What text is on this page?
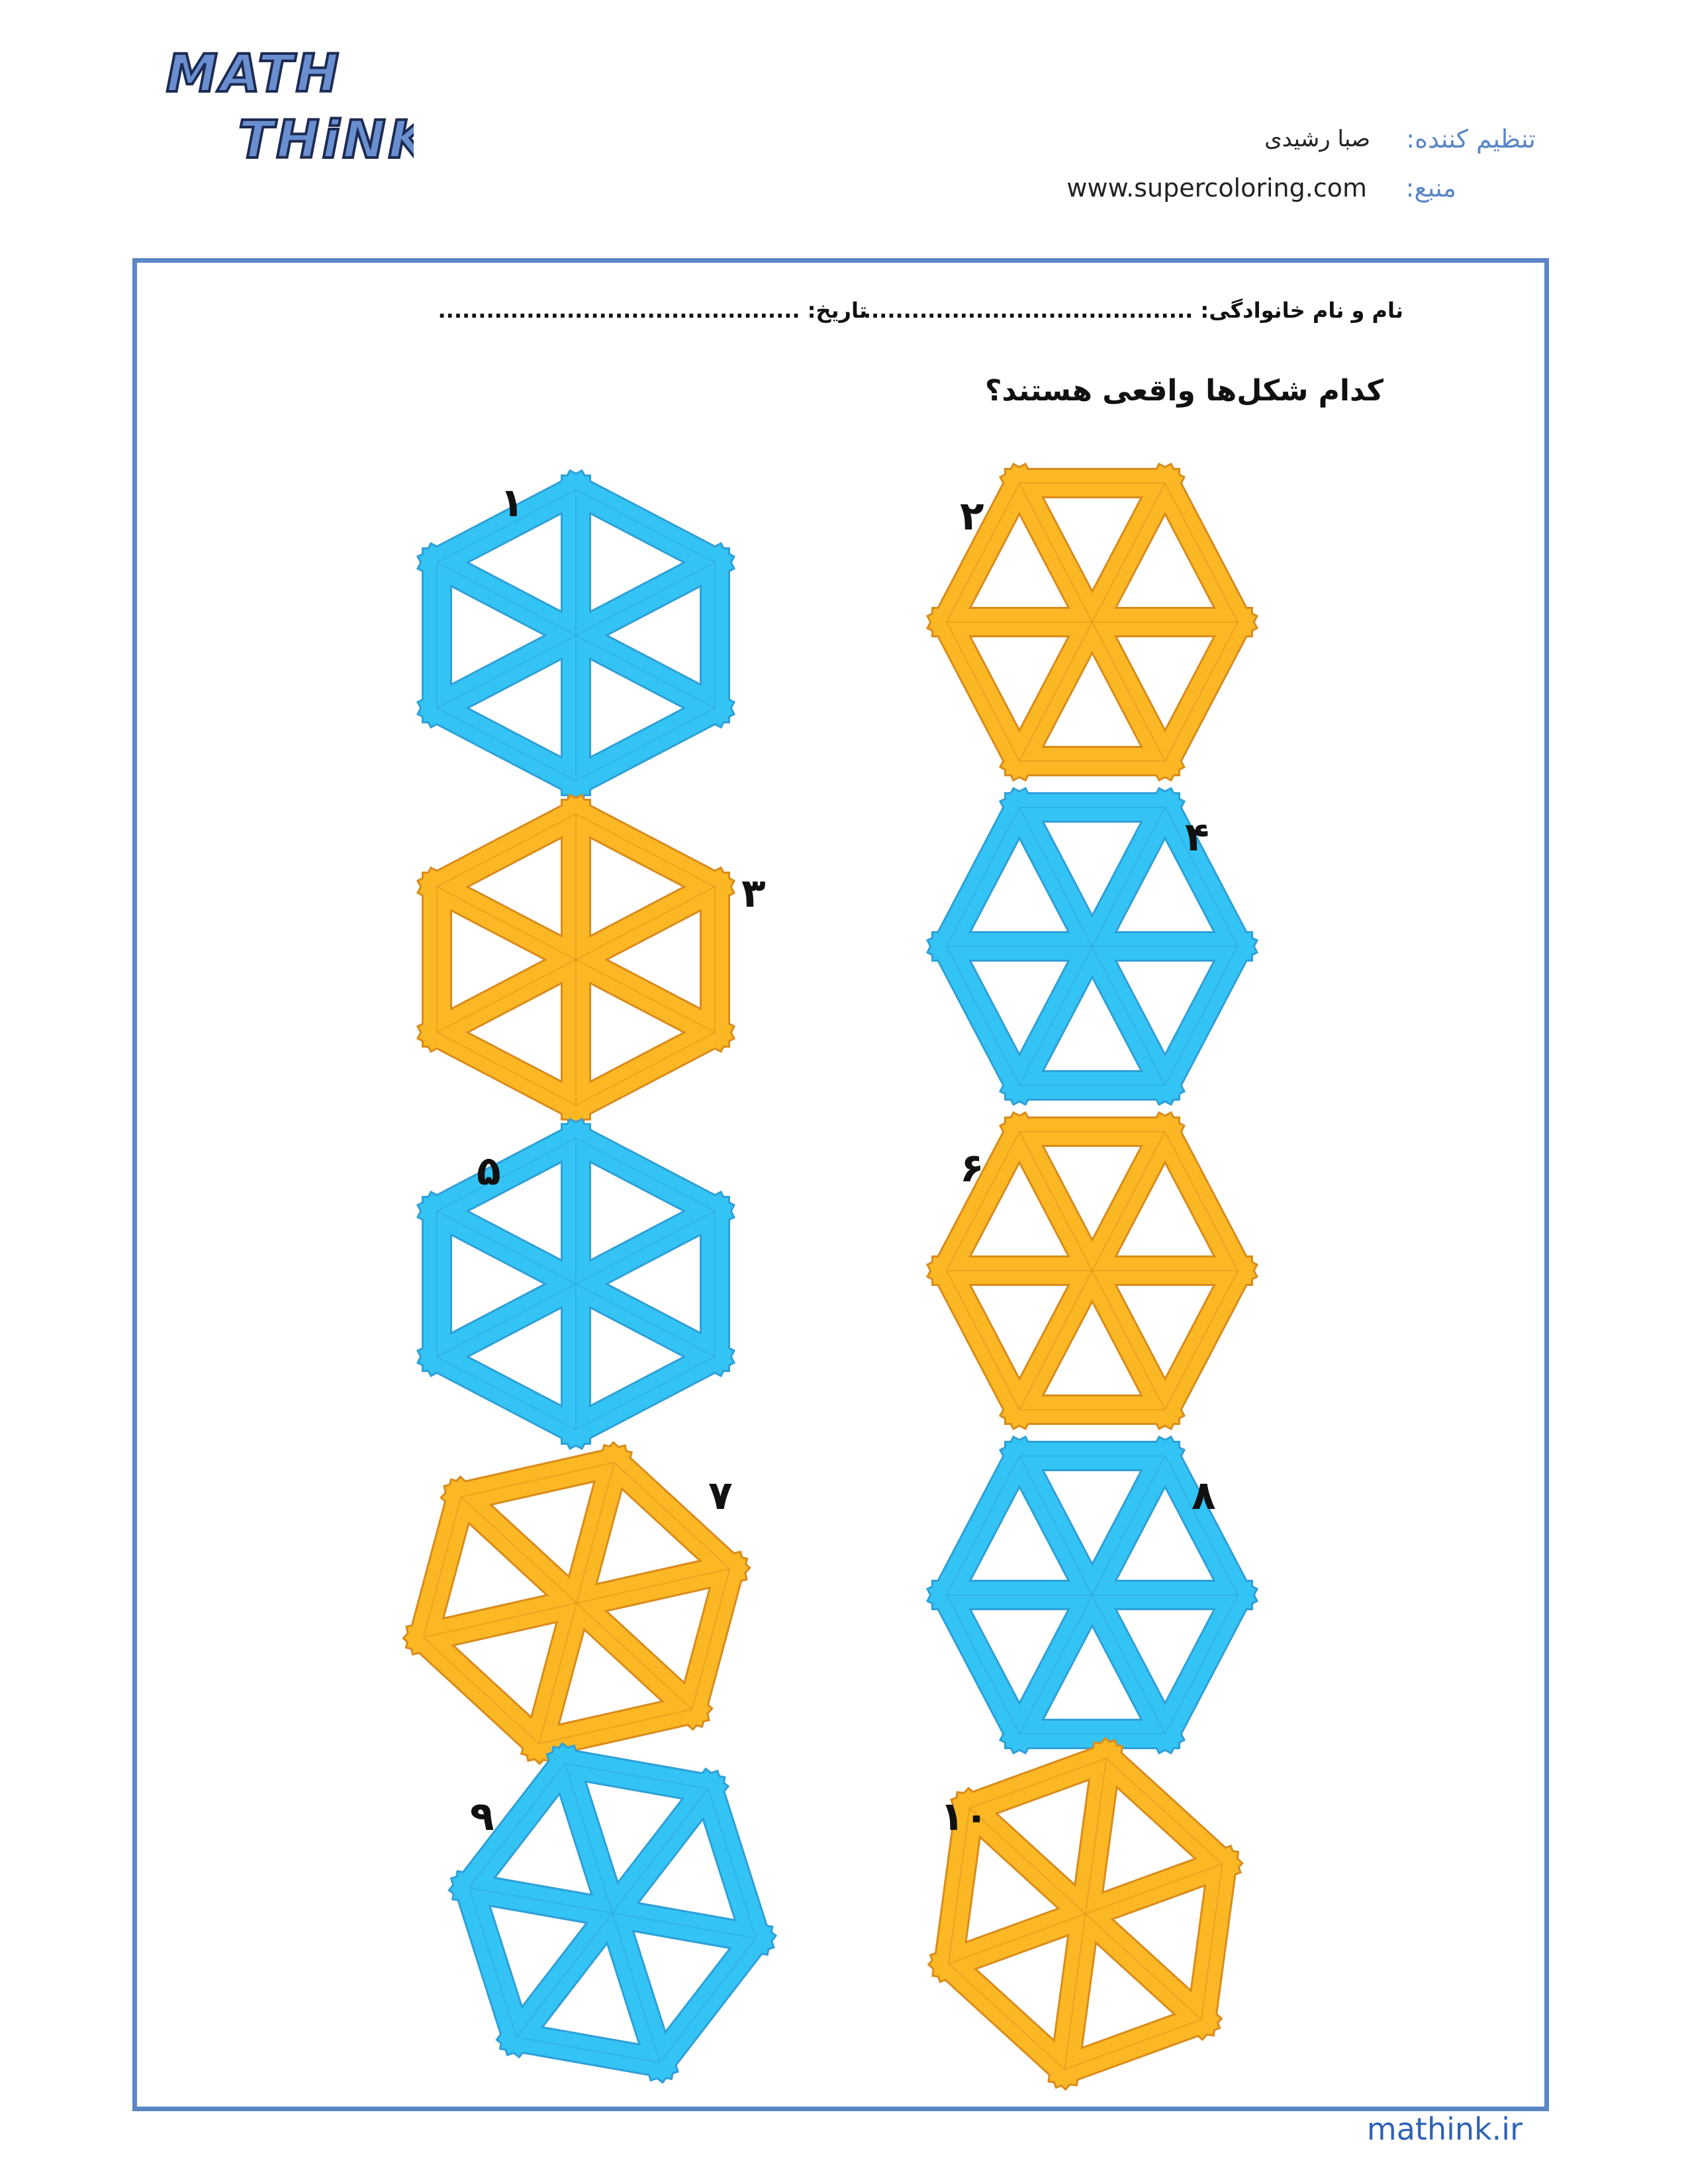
MATH
THiNK	تنظیم کننده:
صبا رشیدی
منبع:
www.supercoloring.com
نام و نام خانوادگی: .........................................
تاریخ: .............................................
کدام شکل‌ها واقعی هستند؟
۱	۲
۳
۴
۵	۶
۷	۸
۹	۱۰
mathink.ir
